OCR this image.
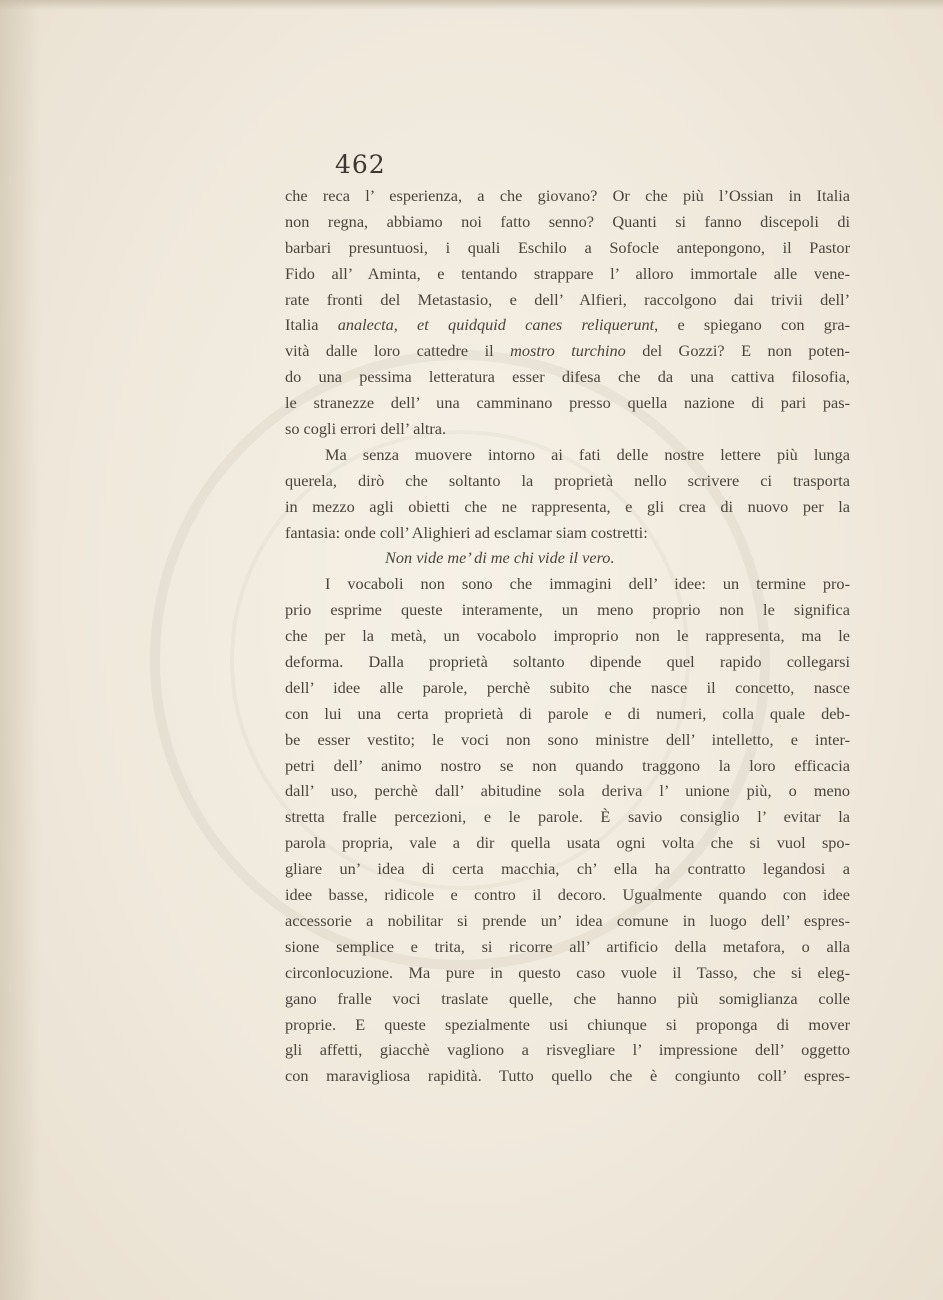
462
che reca l’ esperienza, a che giovano? Or che più l’Ossian in Italia
non regna, abbiamo noi fatto senno? Quanti si fanno discepoli di
barbari presuntuosi, i quali Eschilo a Sofocle antepongono, il Pastor
Fido all’ Aminta, e tentando strappare l’ alloro immortale alle vene-
rate fronti del Metastasio, e dell’ Alfieri, raccolgono dai trivii dell’
Italia analecta, et quidquid canes reliquerunt, e spiegano con gra-
vità dalle loro cattedre il mostro turchino del Gozzi? E non poten-
do una pessima letteratura esser difesa che da una cattiva filosofia,
le stranezze dell’ una camminano presso quella nazione di pari pas-
so cogli errori dell’ altra.
Ma senza muovere intorno ai fati delle nostre lettere più lunga
querela, dirò che soltanto la proprietà nello scrivere ci trasporta
in mezzo agli obietti che ne rappresenta, e gli crea di nuovo per la
fantasia: onde coll’ Alighieri ad esclamar siam costretti:
Non vide me’ di me chi vide il vero.
I vocaboli non sono che immagini dell’ idee: un termine pro-
prio esprime queste interamente, un meno proprio non le significa
che per la metà, un vocabolo improprio non le rappresenta, ma le
deforma. Dalla proprietà soltanto dipende quel rapido collegarsi
dell’ idee alle parole, perchè subito che nasce il concetto, nasce
con lui una certa proprietà di parole e di numeri, colla quale deb-
be esser vestito; le voci non sono ministre dell’ intelletto, e inter-
petri dell’ animo nostro se non quando traggono la loro efficacia
dall’ uso, perchè dall’ abitudine sola deriva l’ unione più, o meno
stretta fralle percezioni, e le parole. È savio consiglio l’ evitar la
parola propria, vale a dir quella usata ogni volta che si vuol spo-
gliare un’ idea di certa macchia, ch’ ella ha contratto legandosi a
idee basse, ridicole e contro il decoro. Ugualmente quando con idee
accessorie a nobilitar si prende un’ idea comune in luogo dell’ espres-
sione semplice e trita, si ricorre all’ artificio della metafora, o alla
circonlocuzione. Ma pure in questo caso vuole il Tasso, che si eleg-
gano fralle voci traslate quelle, che hanno più somiglianza colle
proprie. E queste spezialmente usi chiunque si proponga di mover
gli affetti, giacchè vagliono a risvegliare l’ impressione dell’ oggetto
con maravigliosa rapidità. Tutto quello che è congiunto coll’ espres-
